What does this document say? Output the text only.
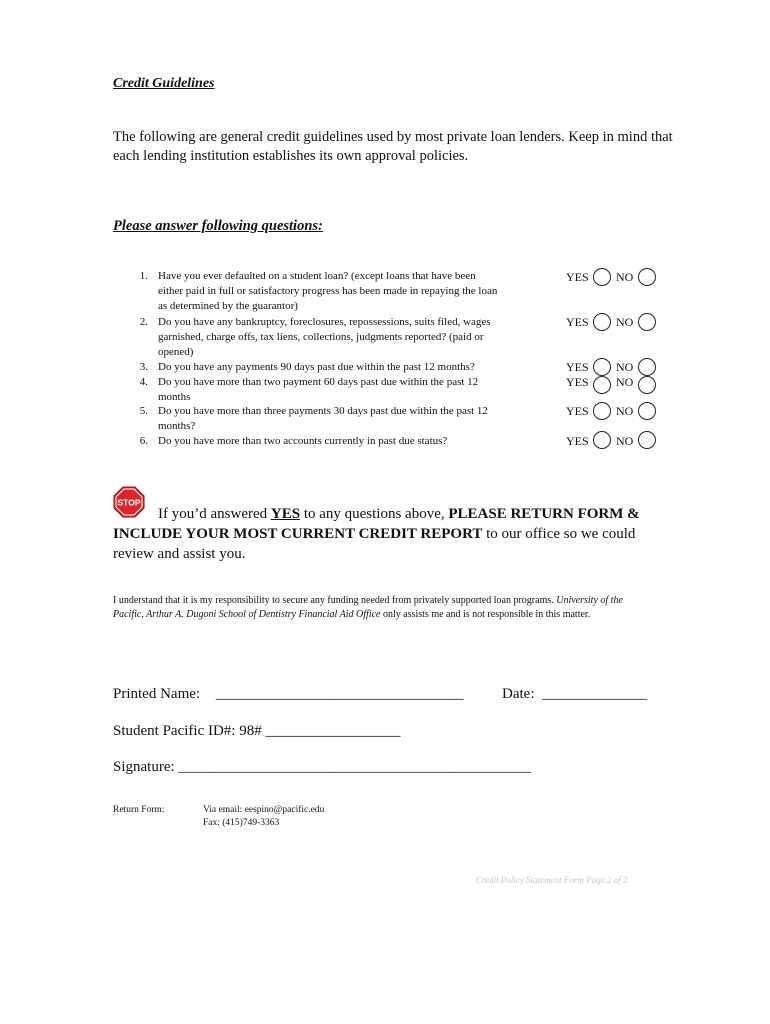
Credit Guidelines
The following are general credit guidelines used by most private loan lenders. Keep in mind that each lending institution establishes its own approval policies.
Please answer following questions:
1. Have you ever defaulted on a student loan? (except loans that have been either paid in full or satisfactory progress has been made in repaying the loan as determined by the guarantor)
2. Do you have any bankruptcy, foreclosures, repossessions, suits filed, wages garnished, charge offs, tax liens, collections, judgments reported? (paid or opened)
3. Do you have any payments 90 days past due within the past 12 months?
4. Do you have more than two payment 60 days past due within the past 12 months
5. Do you have more than three payments 30 days past due within the past 12 months?
6. Do you have more than two accounts currently in past due status?
YES NO
YES NO
YES NO
YES NO
YES NO
YES NO
STOP
If you’d answered YES to any questions above, PLEASE RETURN FORM & INCLUDE YOUR MOST CURRENT CREDIT REPORT to our office so we could review and assist you.
I understand that it is my responsibility to secure any funding needed from privately supported loan programs. University of the Pacific, Arthur A. Dugoni School of Dentistry Financial Aid Office only assists me and is not responsible in this matter.
Printed Name: _________________________________	Date: ______________
Student Pacific ID#: 98# __________________
Signature: _______________________________________________
Return Form:	Via email: eespino@pacific.edu
Fax: (415)749-3363
Credit Policy Statement Form Page 2 of 2
